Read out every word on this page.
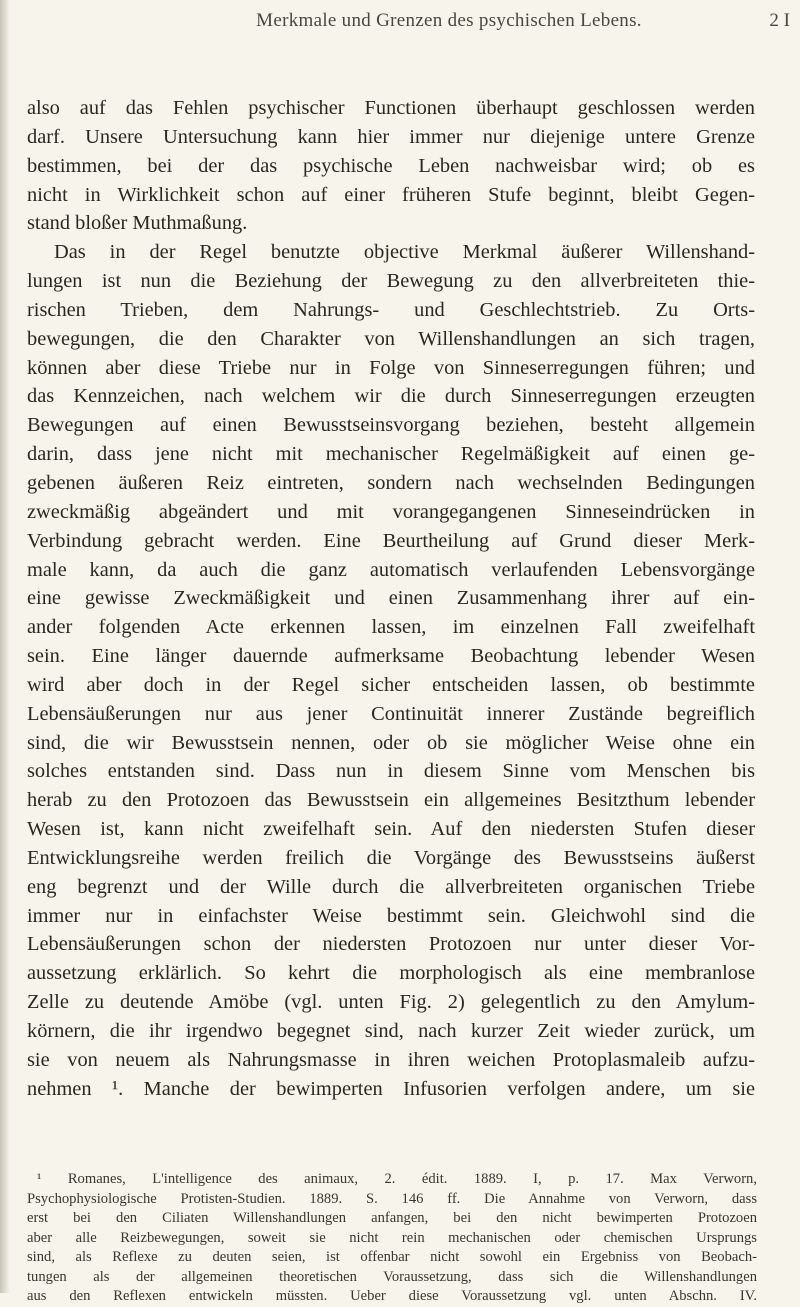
Merkmale und Grenzen des psychischen Lebens.	2 I
also auf das Fehlen psychischer Functionen überhaupt geschlossen werden
darf. Unsere Untersuchung kann hier immer nur diejenige untere Grenze
bestimmen, bei der das psychische Leben nachweisbar wird; ob es
nicht in Wirklichkeit schon auf einer früheren Stufe beginnt, bleibt Gegen-
stand bloßer Muthmaßung.
Das in der Regel benutzte objective Merkmal äußerer Willenshand-
lungen ist nun die Beziehung der Bewegung zu den allverbreiteten thie-
rischen Trieben, dem Nahrungs- und Geschlechtstrieb. Zu Orts-
bewegungen, die den Charakter von Willenshandlungen an sich tragen,
können aber diese Triebe nur in Folge von Sinneserregungen führen; und
das Kennzeichen, nach welchem wir die durch Sinneserregungen erzeugten
Bewegungen auf einen Bewusstseinsvorgang beziehen, besteht allgemein
darin, dass jene nicht mit mechanischer Regelmäßigkeit auf einen ge-
gebenen äußeren Reiz eintreten, sondern nach wechselnden Bedingungen
zweckmäßig abgeändert und mit vorangegangenen Sinneseindrücken in
Verbindung gebracht werden. Eine Beurtheilung auf Grund dieser Merk-
male kann, da auch die ganz automatisch verlaufenden Lebensvorgänge
eine gewisse Zweckmäßigkeit und einen Zusammenhang ihrer auf ein-
ander folgenden Acte erkennen lassen, im einzelnen Fall zweifelhaft
sein. Eine länger dauernde aufmerksame Beobachtung lebender Wesen
wird aber doch in der Regel sicher entscheiden lassen, ob bestimmte
Lebensäußerungen nur aus jener Continuität innerer Zustände begreiflich
sind, die wir Bewusstsein nennen, oder ob sie möglicher Weise ohne ein
solches entstanden sind. Dass nun in diesem Sinne vom Menschen bis
herab zu den Protozoen das Bewusstsein ein allgemeines Besitzthum lebender
Wesen ist, kann nicht zweifelhaft sein. Auf den niedersten Stufen dieser
Entwicklungsreihe werden freilich die Vorgänge des Bewusstseins äußerst
eng begrenzt und der Wille durch die allverbreiteten organischen Triebe
immer nur in einfachster Weise bestimmt sein. Gleichwohl sind die
Lebensäußerungen schon der niedersten Protozoen nur unter dieser Vor-
aussetzung erklärlich. So kehrt die morphologisch als eine membranlose
Zelle zu deutende Amöbe (vgl. unten Fig. 2) gelegentlich zu den Amylum-
körnern, die ihr irgendwo begegnet sind, nach kurzer Zeit wieder zurück, um
sie von neuem als Nahrungsmasse in ihren weichen Protoplasmaleib aufzu-
nehmen ¹. Manche der bewimperten Infusorien verfolgen andere, um sie
¹ Romanes, L'intelligence des animaux, 2. édit. 1889. I, p. 17. Max Verworn,
Psychophysiologische Protisten-Studien. 1889. S. 146 ff. Die Annahme von Verworn, dass
erst bei den Ciliaten Willenshandlungen anfangen, bei den nicht bewimperten Protozoen
aber alle Reizbewegungen, soweit sie nicht rein mechanischen oder chemischen Ursprungs
sind, als Reflexe zu deuten seien, ist offenbar nicht sowohl ein Ergebniss von Beobach-
tungen als der allgemeinen theoretischen Voraussetzung, dass sich die Willenshandlungen
aus den Reflexen entwickeln müssten. Ueber diese Voraussetzung vgl. unten Abschn. IV.
